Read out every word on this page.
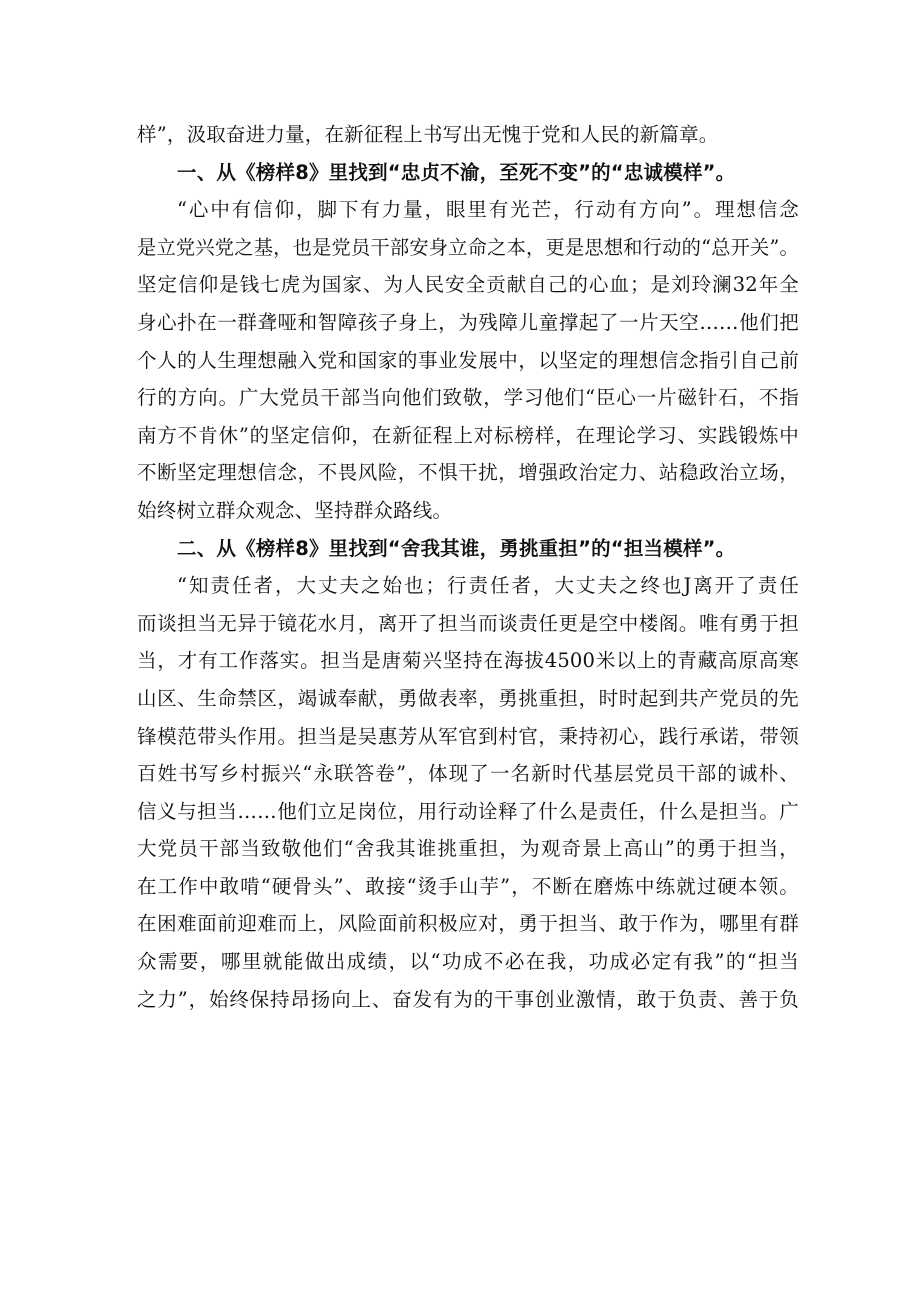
样”，汲取奋进力量，在新征程上书写出无愧于党和人民的新篇章。
一、从《榜样8》里找到“忠贞不渝，至死不变”的“忠诚模样”。
“心中有信仰，脚下有力量，眼里有光芒，行动有方向”。理想信念
是立党兴党之基，也是党员干部安身立命之本，更是思想和行动的“总开关”。
坚定信仰是钱七虎为国家、为人民安全贡献自己的心血；是刘玲澜32年全
身心扑在一群聋哑和智障孩子身上，为残障儿童撑起了一片天空……他们把
个人的人生理想融入党和国家的事业发展中，以坚定的理想信念指引自己前
行的方向。广大党员干部当向他们致敬，学习他们“臣心一片磁针石，不指
南方不肯休”的坚定信仰，在新征程上对标榜样，在理论学习、实践锻炼中
不断坚定理想信念，不畏风险，不惧干扰，增强政治定力、站稳政治立场，
始终树立群众观念、坚持群众路线。
二、从《榜样8》里找到“舍我其谁，勇挑重担”的“担当模样”。
“知责任者，大丈夫之始也；行责任者，大丈夫之终也J离开了责任
而谈担当无异于镜花水月，离开了担当而谈责任更是空中楼阁。唯有勇于担
当，才有工作落实。担当是唐菊兴坚持在海拔4500米以上的青藏高原高寒
山区、生命禁区，竭诚奉献，勇做表率，勇挑重担，时时起到共产党员的先
锋模范带头作用。担当是吴惠芳从军官到村官，秉持初心，践行承诺，带领
百姓书写乡村振兴“永联答卷”，体现了一名新时代基层党员干部的诚朴、
信义与担当……他们立足岗位，用行动诠释了什么是责任，什么是担当。广
大党员干部当致敬他们“舍我其谁挑重担，为观奇景上高山”的勇于担当，
在工作中敢啃“硬骨头”、敢接“烫手山芋”，不断在磨炼中练就过硬本领。
在困难面前迎难而上，风险面前积极应对，勇于担当、敢于作为，哪里有群
众需要，哪里就能做出成绩，以“功成不必在我，功成必定有我”的“担当
之力”，始终保持昂扬向上、奋发有为的干事创业激情，敢于负责、善于负
